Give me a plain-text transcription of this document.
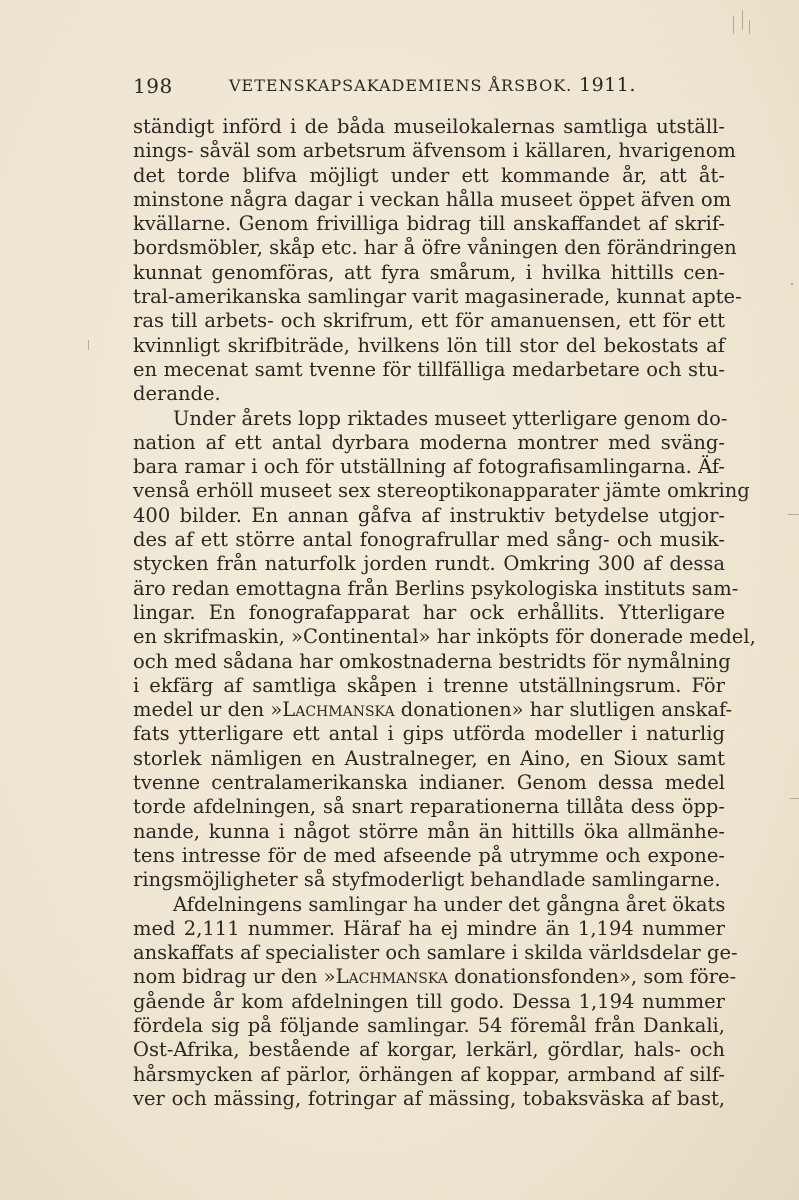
198	VETENSKAPSAKADEMIENS ÅRSBOK. 1911.
ständigt införd i de båda museilokalernas samtliga utställ-
nings- såväl som arbetsrum äfvensom i källaren, hvarigenom
det torde blifva möjligt under ett kommande år, att åt-
minstone några dagar i veckan hålla museet öppet äfven om
kvällarne. Genom frivilliga bidrag till anskaffandet af skrif-
bordsmöbler, skåp etc. har å öfre våningen den förändringen
kunnat genomföras, att fyra smårum, i hvilka hittills cen-
tral-amerikanska samlingar varit magasinerade, kunnat apte-
ras till arbets- och skrifrum, ett för amanuensen, ett för ett
kvinnligt skrifbiträde, hvilkens lön till stor del bekostats af
en mecenat samt tvenne för tillfälliga medarbetare och stu-
derande.
Under årets lopp riktades museet ytterligare genom do-
nation af ett antal dyrbara moderna montrer med sväng-
bara ramar i och för utställning af fotografisamlingarna. Äf-
venså erhöll museet sex stereoptikonapparater jämte omkring
400 bilder. En annan gåfva af instruktiv betydelse utgjor-
des af ett större antal fonografrullar med sång- och musik-
stycken från naturfolk jorden rundt. Omkring 300 af dessa
äro redan emottagna från Berlins psykologiska instituts sam-
lingar. En fonografapparat har ock erhållits. Ytterligare
en skrifmaskin, »Continental» har inköpts för donerade medel,
och med sådana har omkostnaderna bestridts för nymålning
i ekfärg af samtliga skåpen i trenne utställningsrum. För
medel ur den »Lachmanska donationen» har slutligen anskaf-
fats ytterligare ett antal i gips utförda modeller i naturlig
storlek nämligen en Australneger, en Aino, en Sioux samt
tvenne centralamerikanska indianer. Genom dessa medel
torde afdelningen, så snart reparationerna tillåta dess öpp-
nande, kunna i något större mån än hittills öka allmänhe-
tens intresse för de med afseende på utrymme och expone-
ringsmöjligheter så styfmoderligt behandlade samlingarne.
Afdelningens samlingar ha under det gångna året ökats
med 2,111 nummer. Häraf ha ej mindre än 1,194 nummer
anskaffats af specialister och samlare i skilda världsdelar ge-
nom bidrag ur den »Lachmanska donationsfonden», som före-
gående år kom afdelningen till godo. Dessa 1,194 nummer
fördela sig på följande samlingar. 54 föremål från Dankali,
Ost-Afrika, bestående af korgar, lerkärl, gördlar, hals- och
hårsmycken af pärlor, örhängen af koppar, armband af silf-
ver och mässing, fotringar af mässing, tobaksväska af bast,
